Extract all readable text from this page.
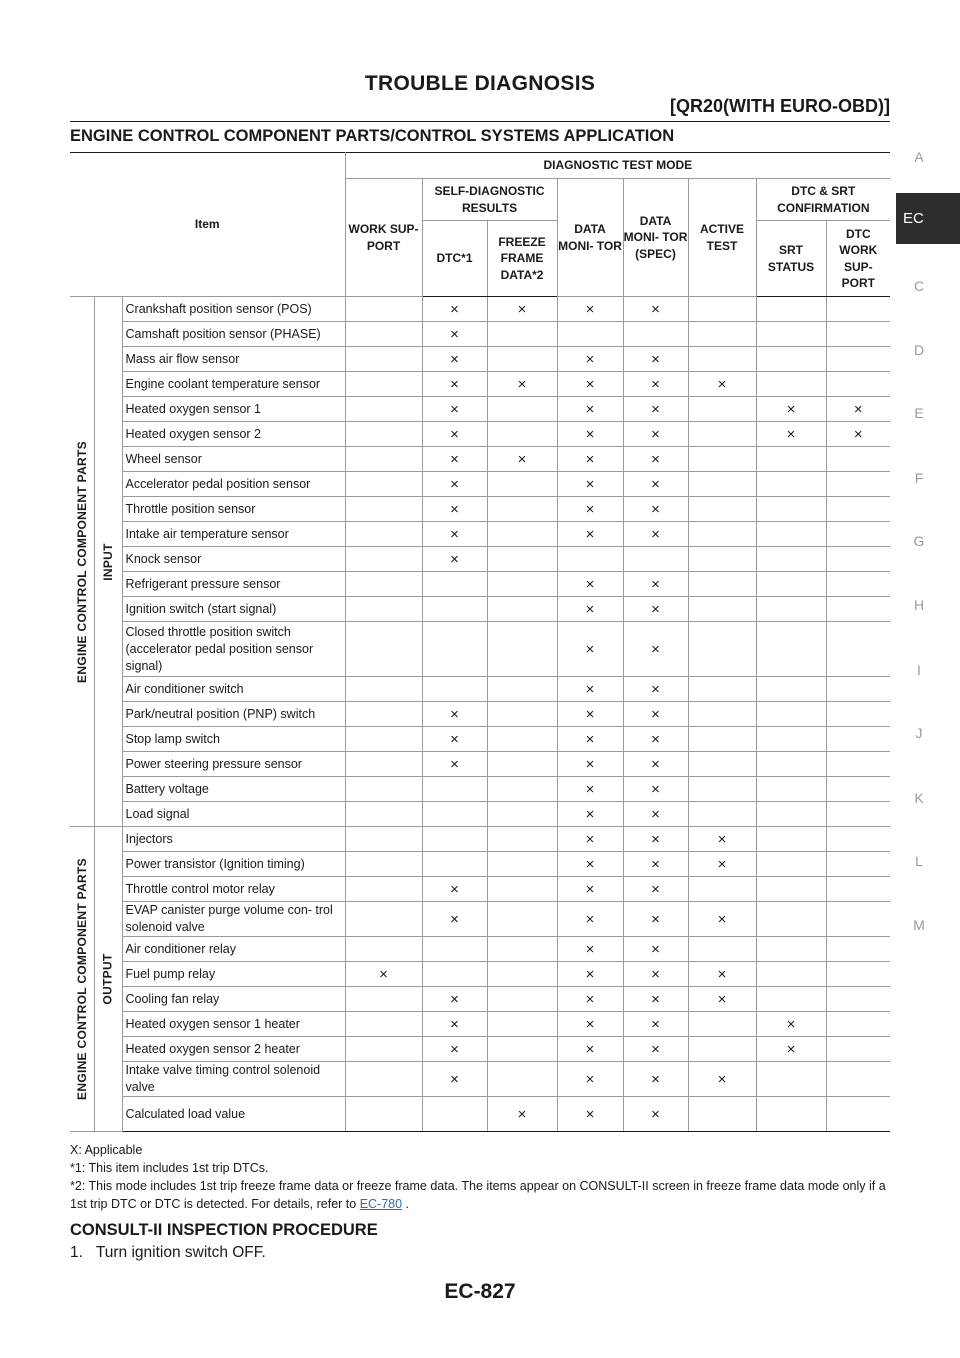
TROUBLE DIAGNOSIS
[QR20(WITH EURO-OBD)]
ENGINE CONTROL COMPONENT PARTS/CONTROL SYSTEMS APPLICATION
A
EC
C
D
E
F
G
H
I
J
K
L
M
Item			DIAGNOSTIC TEST MODE							
			WORK SUP- PORT	SELF-DIAGNOSTIC RESULTS		DATA MONI- TOR	DATA MONI- TOR (SPEC)	ACTIVE TEST	DTC & SRT CONFIRMATION	
				DTC*1	FREEZE FRAME DATA*2				SRT STATUS	DTC WORK SUP- PORT

ENGINE CONTROL COMPONENT PARTS	INPUT	Crankshaft position sensor (POS)		×	×	×	×			
		Camshaft position sensor (PHASE)		×						
		Mass air flow sensor		×		×	×			
		Engine coolant temperature sensor		×	×	×	×	×		
		Heated oxygen sensor 1		×		×	×		×	×
		Heated oxygen sensor 2		×		×	×		×	×
		Wheel sensor		×	×	×	×			
		Accelerator pedal position sensor		×		×	×			
		Throttle position sensor		×		×	×			
		Intake air temperature sensor		×		×	×			
		Knock sensor		×						
		Refrigerant pressure sensor				×	×			
		Ignition switch (start signal)				×	×			
		Closed throttle position switch (accelerator pedal position sensor signal)				×	×			
		Air conditioner switch				×	×			
		Park/neutral position (PNP) switch		×		×	×			
		Stop lamp switch		×		×	×			
		Power steering pressure sensor		×		×	×			
		Battery voltage				×	×			
		Load signal				×	×			

ENGINE CONTROL COMPONENT PARTS	OUTPUT	Injectors				×	×	×		
		Power transistor (Ignition timing)				×	×	×		
		Throttle control motor relay		×		×	×			
		EVAP canister purge volume con- trol solenoid valve		×		×	×	×		
		Air conditioner relay				×	×			
		Fuel pump relay	×			×	×	×		
		Cooling fan relay		×		×	×	×		
		Heated oxygen sensor 1 heater		×		×	×		×	
		Heated oxygen sensor 2 heater		×		×	×		×	
		Intake valve timing control solenoid valve		×		×	×	×		
		Calculated load value			×	×	×			
X: Applicable
*1: This item includes 1st trip DTCs.
*2: This mode includes 1st trip freeze frame data or freeze frame data. The items appear on CONSULT-II screen in freeze frame data mode only if a 1st trip DTC or DTC is detected. For details, refer to EC-780 .
CONSULT-II INSPECTION PROCEDURE
1.   Turn ignition switch OFF.
EC-827
